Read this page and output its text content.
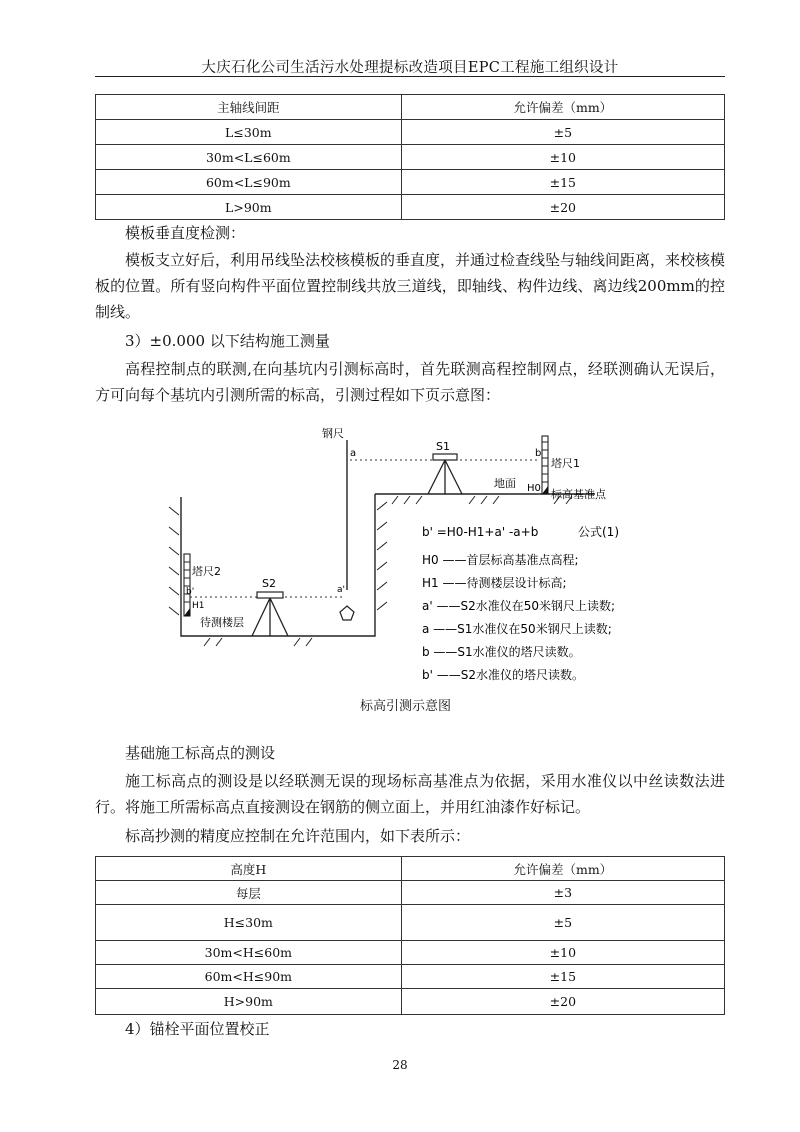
大庆石化公司生活污水处理提标改造项目EPC工程施工组织设计
主轴线间距	允许偏差（mm）
L≤30m	±5
30m<L≤60m	±10
60m<L≤90m	±15
L>90m	±20
模板垂直度检测：
模板支立好后，利用吊线坠法校核模板的垂直度，并通过检查线坠与轴线间距离，来校核模板的位置。所有竖向构件平面位置控制线共放三道线，即轴线、构件边线、离边线200mm的控制线。
3）±0.000 以下结构施工测量
高程控制点的联测,在向基坑内引测标高时，首先联测高程控制网点，经联测确认无误后，方可向每个基坑内引测所需的标高，引测过程如下页示意图：
钢尺
a
S1
b
塔尺1
地面 H0 标高基准点
塔尺2
b'
H1
S2	a'
待测楼层
b' =H0-H1+a' -a+b	公式(1)
H0 ——首层标高基准点高程;
H1 ——待测楼层设计标高;
a' ——S2水准仪在50米钢尺上读数;
a ——S1水准仪在50米钢尺上读数;
b ——S1水准仪的塔尺读数。
b' ——S2水准仪的塔尺读数。
标高引测示意图
基础施工标高点的测设
施工标高点的测设是以经联测无误的现场标高基准点为依据，采用水准仪以中丝读数法进行。将施工所需标高点直接测设在钢筋的侧立面上，并用红油漆作好标记。
标高抄测的精度应控制在允许范围内，如下表所示：
高度H	允许偏差（mm）
每层	±3
H≤30m	±5
30m<H≤60m	±10
60m<H≤90m	±15
H>90m	±20
4）锚栓平面位置校正
28
